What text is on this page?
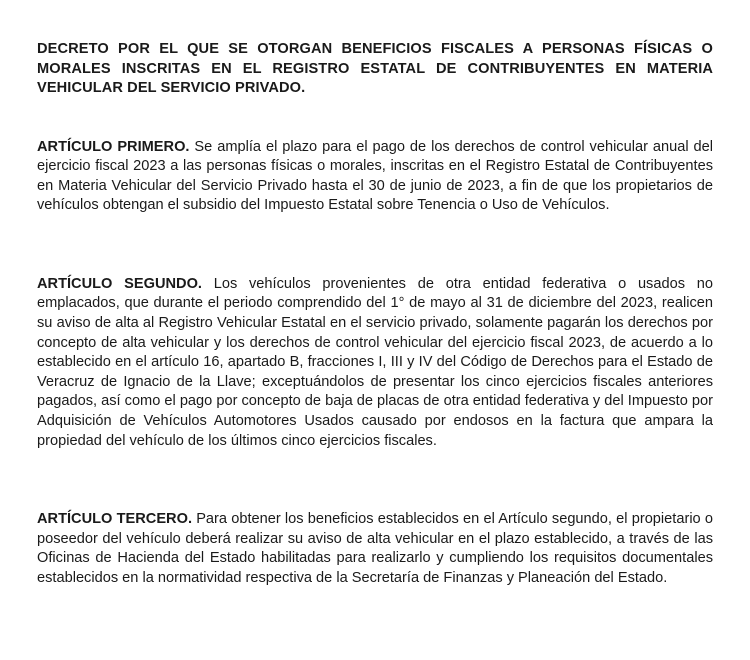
DECRETO POR EL QUE SE OTORGAN BENEFICIOS FISCALES A PERSONAS FÍSICAS O MORALES INSCRITAS EN EL REGISTRO ESTATAL DE CONTRIBUYENTES EN MATERIA VEHICULAR DEL SERVICIO PRIVADO.

ARTÍCULO PRIMERO. Se amplía el plazo para el pago de los derechos de control vehicular anual del ejercicio fiscal 2023 a las personas físicas o morales, inscritas en el Registro Estatal de Contribuyentes en Materia Vehicular del Servicio Privado hasta el 30 de junio de 2023, a fin de que los propietarios de vehículos obtengan el subsidio del Impuesto Estatal sobre Tenencia o Uso de Vehículos.

ARTÍCULO SEGUNDO. Los vehículos provenientes de otra entidad federativa o usados no emplacados, que durante el periodo comprendido del 1° de mayo al 31 de diciembre del 2023, realicen su aviso de alta al Registro Vehicular Estatal en el servicio privado, solamente pagarán los derechos por concepto de alta vehicular y los derechos de control vehicular del ejercicio fiscal 2023, de acuerdo a lo establecido en el artículo 16, apartado B, fracciones I, III y IV del Código de Derechos para el Estado de Veracruz de Ignacio de la Llave; exceptuándolos de presentar los cinco ejercicios fiscales anteriores pagados, así como el pago por concepto de baja de placas de otra entidad federativa y del Impuesto por Adquisición de Vehículos Automotores Usados causado por endosos en la factura que ampara la propiedad del vehículo de los últimos cinco ejercicios fiscales.

ARTÍCULO TERCERO. Para obtener los beneficios establecidos en el Artículo segundo, el propietario o poseedor del vehículo deberá realizar su aviso de alta vehicular en el plazo establecido, a través de las Oficinas de Hacienda del Estado habilitadas para realizarlo y cumpliendo los requisitos documentales establecidos en la normatividad respectiva de la Secretaría de Finanzas y Planeación del Estado.
